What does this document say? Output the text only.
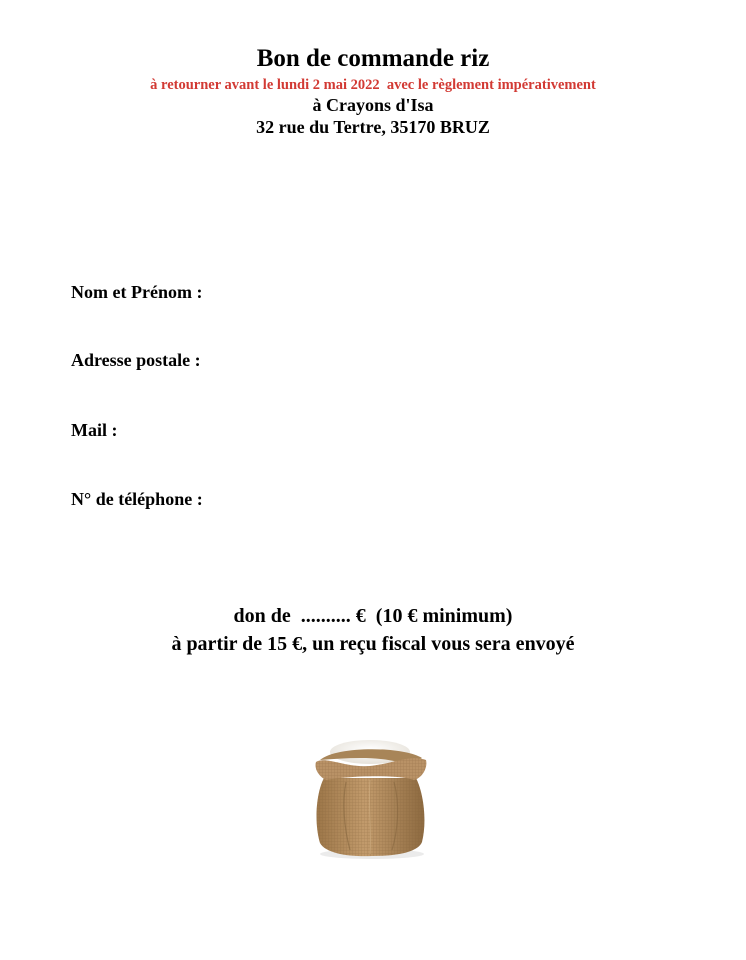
Bon de commande riz

à retourner avant le lundi 2 mai 2022  avec le règlement impérativement

à Crayons d'Isa

32 rue du Tertre, 35170 BRUZ

Nom et Prénom :

Adresse postale :

Mail :

N° de téléphone :

don de  .......... €  (10 € minimum)

à partir de 15 €, un reçu fiscal vous sera envoyé
